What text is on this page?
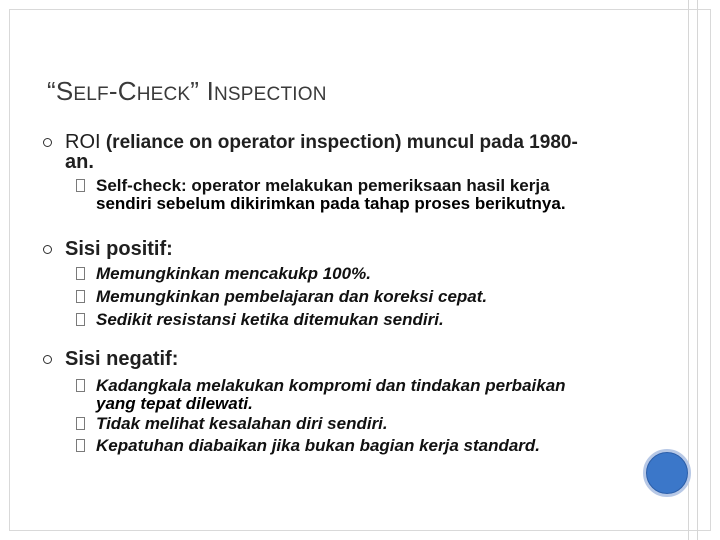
“SELF-CHECK” INSPECTION
ROI (reliance on operator inspection) muncul pada 1980-
an.
Self-check: operator melakukan pemeriksaan hasil kerja
sendiri sebelum dikirimkan pada tahap proses berikutnya.
Sisi positif:
Memungkinkan mencakukp 100%.
Memungkinkan pembelajaran dan koreksi cepat.
Sedikit resistansi ketika ditemukan sendiri.
Sisi negatif:
Kadangkala melakukan kompromi dan tindakan perbaikan
yang tepat dilewati.
Tidak melihat kesalahan diri sendiri.
Kepatuhan diabaikan jika bukan bagian kerja standard.
